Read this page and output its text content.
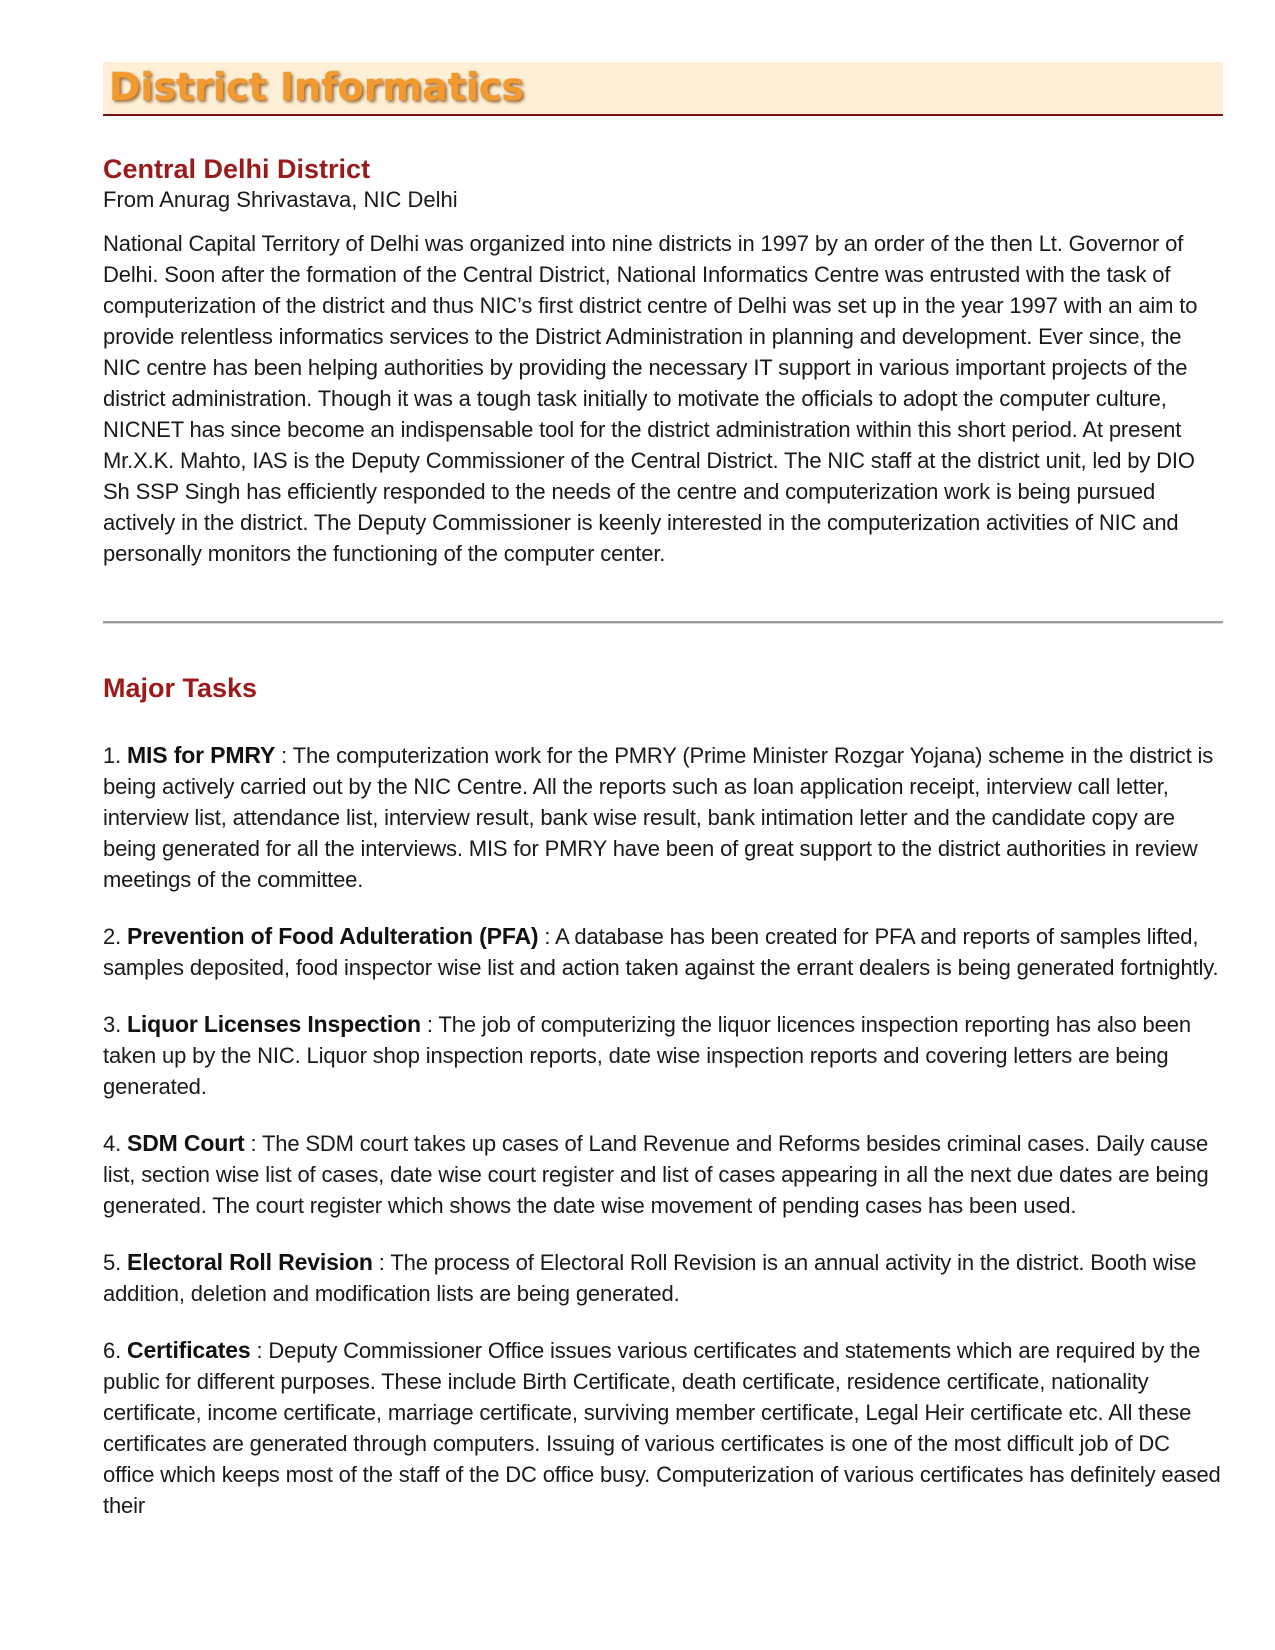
District Informatics
Central Delhi District

From Anurag Shrivastava, NIC Delhi

National Capital Territory of Delhi was organized into nine districts in 1997 by an order of the then Lt. Governor of Delhi. Soon after the formation of the Central District, National Informatics Centre was entrusted with the task of computerization of the district and thus NIC’s first district centre of Delhi was set up in the year 1997 with an aim to provide relentless informatics services to the District Administration in planning and development. Ever since, the NIC centre has been helping authorities by providing the necessary IT support in various important projects of the district administration. Though it was a tough task initially to motivate the officials to adopt the computer culture, NICNET has since become an indispensable tool for the district administration within this short period. At present Mr.X.K. Mahto, IAS is the Deputy Commissioner of the Central District. The NIC staff at the district unit, led by DIO Sh SSP Singh has efficiently responded to the needs of the centre and computerization work is being pursued actively in the district. The Deputy Commissioner is keenly interested in the computerization activities of NIC and personally monitors the functioning of the computer center.

Major Tasks

1. MIS for PMRY : The computerization work for the PMRY (Prime Minister Rozgar Yojana) scheme in the district is being actively carried out by the NIC Centre. All the reports such as loan application receipt, interview call letter, interview list, attendance list, interview result, bank wise result, bank intimation letter and the candidate copy are being generated for all the interviews. MIS for PMRY have been of great support to the district authorities in review meetings of the committee.

2. Prevention of Food Adulteration (PFA) : A database has been created for PFA and reports of samples lifted, samples deposited, food inspector wise list and action taken against the errant dealers is being generated fortnightly.

3. Liquor Licenses Inspection : The job of computerizing the liquor licences inspection reporting has also been taken up by the NIC. Liquor shop inspection reports, date wise inspection reports and covering letters are being generated.

4. SDM Court : The SDM court takes up cases of Land Revenue and Reforms besides criminal cases. Daily cause list, section wise list of cases, date wise court register and list of cases appearing in all the next due dates are being generated. The court register which shows the date wise movement of pending cases has been used.

5. Electoral Roll Revision : The process of Electoral Roll Revision is an annual activity in the district. Booth wise addition, deletion and modification lists are being generated.

6. Certificates : Deputy Commissioner Office issues various certificates and statements which are required by the public for different purposes. These include Birth Certificate, death certificate, residence certificate, nationality certificate, income certificate, marriage certificate, surviving member certificate, Legal Heir certificate etc. All these certificates are generated through computers. Issuing of various certificates is one of the most difficult job of DC office which keeps most of the staff of the DC office busy. Computerization of various certificates has definitely eased their
